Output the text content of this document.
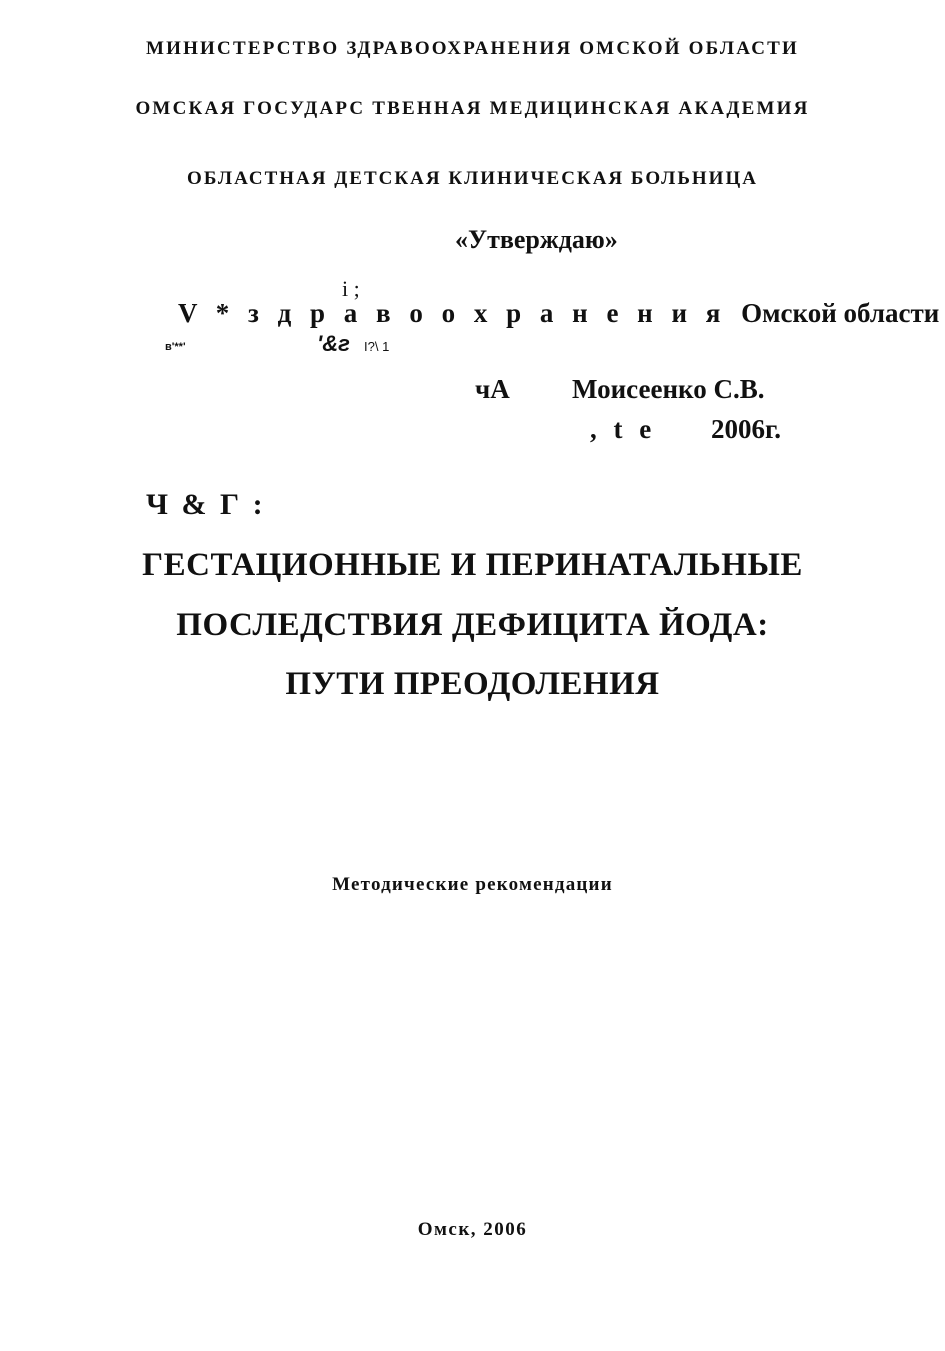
МИНИСТЕРСТВО ЗДРАВООХРАНЕНИЯ ОМСКОЙ ОБЛАСТИ
ОМСКАЯ ГОСУДАРС ТВЕННАЯ МЕДИЦИНСКАЯ АКАДЕМИЯ
ОБЛАСТНАЯ ДЕТСКАЯ КЛИНИЧЕСКАЯ БОЛЬНИЦА
«Утверждаю»
i ;
V * з д р а в о о х р а н е н и я Омской области
в'**'	'&г I?\ 1
чА Моисеенко С.В.
, t e 2006г.
Ч & Г :
ГЕСТАЦИОННЫЕ И ПЕРИНАТАЛЬНЫЕ
ПОСЛЕДСТВИЯ ДЕФИЦИТА ЙОДА:
ПУТИ ПРЕОДОЛЕНИЯ
Методические рекомендации
Омск, 2006
